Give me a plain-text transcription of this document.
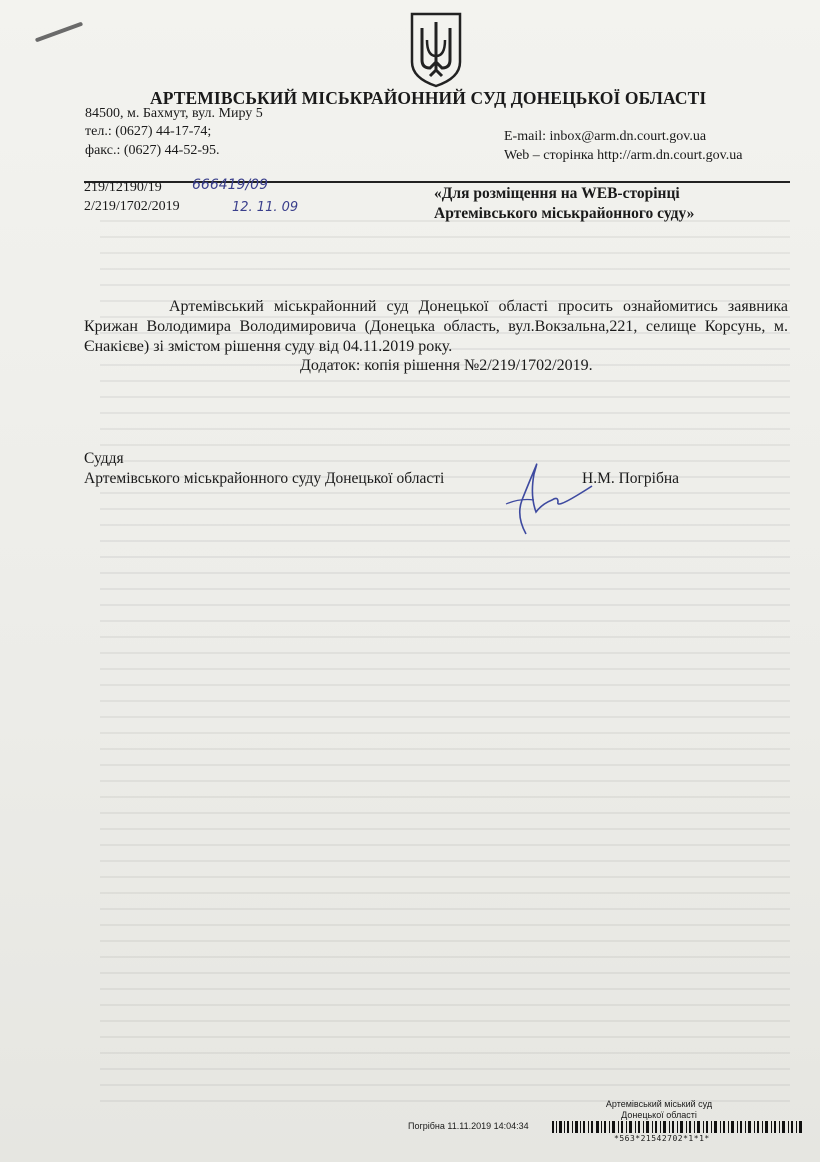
АРТЕМІВСЬКИЙ МІСЬКРАЙОННИЙ СУД ДОНЕЦЬКОЇ ОБЛАСТІ
84500, м. Бахмут, вул. Миру 5
тел.: (0627) 44-17-74;
факс.: (0627) 44-52-95.
E-mail: inbox@arm.dn.court.gov.ua
Web – сторінка http://arm.dn.court.gov.ua
219/12190/19
2/219/1702/2019
666419/09
12. 11. 09
«Для розміщення на WEB-сторінці
Артемівського міськрайонного суду»
Артемівський міськрайонний суд Донецької області просить ознайомитись заявника Крижан Володимира Володимировича (Донецька область, вул.Вокзальна,221, селище Корсунь, м. Єнакієве) зі змістом рішення суду від 04.11.2019 року.
Додаток: копія рішення №2/219/1702/2019.
Суддя
Артемівського міськрайонного суду Донецької області	Н.М. Погрібна
Артемівський міський суд
Донецької області
Погрібна 11.11.2019 14:04:34
*563*21542702*1*1*
